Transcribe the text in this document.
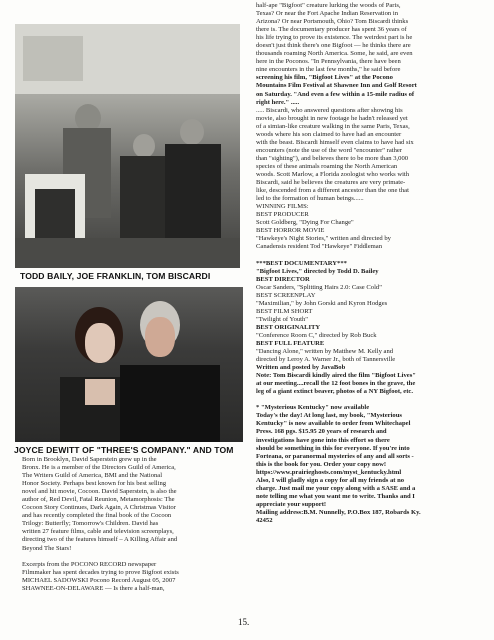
TODD BAILY, JOE FRANKLIN, TOM BISCARDI
JOYCE DEWITT OF "THREE'S COMPANY." AND TOM
Born in Brooklyn, David Saperstein grew up in the
Bronx. He is a member of the Directors Guild of America,
The Writers Guild of America, BMI and the National
Honor Society. Perhaps best known for his best selling
novel and hit movie, Cocoon. David Saperstein, is also the
author of, Red Devil, Fatal Reunion, Metamorphosis: The
Cocoon Story Continues, Dark Again, A Christmas Visitor
and has recently completed the final book of the Cocoon
Trilogy: Butterfly; Tomorrow's Children. David has
written 27 feature films, cable and television screenplays,
directing two of the features himself – A Killing Affair and
Beyond The Stars!

Excerpts from the POCONO RECORD newspaper
Filmmaker has spent decades trying to prove Bigfoot exists
MICHAEL SADOWSKI Pocono Record August 05, 2007
SHAWNEE-ON-DELAWARE — Is there a half-man,
half-ape "Bigfoot" creature lurking the woods of Paris,
Texas? Or near the Fort Apache Indian Reservation in
Arizona? Or near Portsmouth, Ohio? Tom Biscardi thinks
there is. The documentary producer has spent 36 years of
his life trying to prove its existence. The weirdest part is he
doesn't just think there's one Bigfoot — he thinks there are
thousands roaming North America. Some, he said, are even
here in the Poconos. "In Pennsylvania, there have been
nine encounters in the last few months," he said before
screening his film, "Bigfoot Lives" at the Pocono
Mountains Film Festival at Shawnee Inn and Golf Resort
on Saturday. "And even a few within a 15-mile radius of
right here." .....
..... Biscardi, who answered questions after showing his
movie, also brought in new footage he hadn't released yet
of a simian-like creature walking in the same Paris, Texas,
woods where his son claimed to have had an encounter
with the beast. Biscardi himself even claims to have had six
encounters (note the use of the word "encounter" rather
than "sighting"), and believes there to be more than 3,000
species of these animals roaming the North American
woods. Scott Marlow, a Florida zoologist who works with
Biscardi, said he believes the creatures are very primate-
like, descended from a different ancestor than the one that
led to the formation of human beings......
WINNING FILMS:
BEST PRODUCER
Scott Goldberg, "Dying For Change"
BEST HORROR MOVIE
"Hawkeye's Night Stories," written and directed by
Canadensis resident Tod "Hawkeye" Fiddleman

***BEST DOCUMENTARY***
"Bigfoot Lives," directed by Todd D. Bailey
BEST DIRECTOR
Oscar Sanders, "Splitting Hairs 2.0: Case Cold"
BEST SCREENPLAY
"Maximilian," by John Gorski and Kyron Hodges
BEST FILM SHORT
"Twilight of Youth"
BEST ORIGINALITY
"Conference Room C," directed by Rob Buck
BEST FULL FEATURE
"Dancing Alone," written by Matthew M. Kelly and
directed by Leroy A. Warner Jr., both of Tannersville
Written and posted by JavaBob
Note: Tom Biscardi kindly aired the film "Bigfoot Lives"
at our meeting....recall the 12 foot bones in the grave, the
leg of a giant extinct beaver, photos of a NY Bigfoot, etc.

* "Mysterious Kentucky" now available
Today's the day! At long last, my book, "Mysterious
Kentucky" is now available to order from Whitechapel
Press. 168 pgs. $15.95 20 years of research and
investigations have gone into this effort so there
should be something in this for everyone. If you're into
Forteana, or paranormal mysteries of any and all sorts -
this is the book for you. Order your copy now!
https://www.prairieghosts.com/myst_kentucky.html
Also, I will gladly sign a copy for all my friends at no
charge. Just mail me your copy along with a SASE and a
note telling me what you want me to write. Thanks and I
appreciate your support!
Mailing address:B.M. Nunnelly, P.O.Box 187, Robards Ky.
42452
15.
